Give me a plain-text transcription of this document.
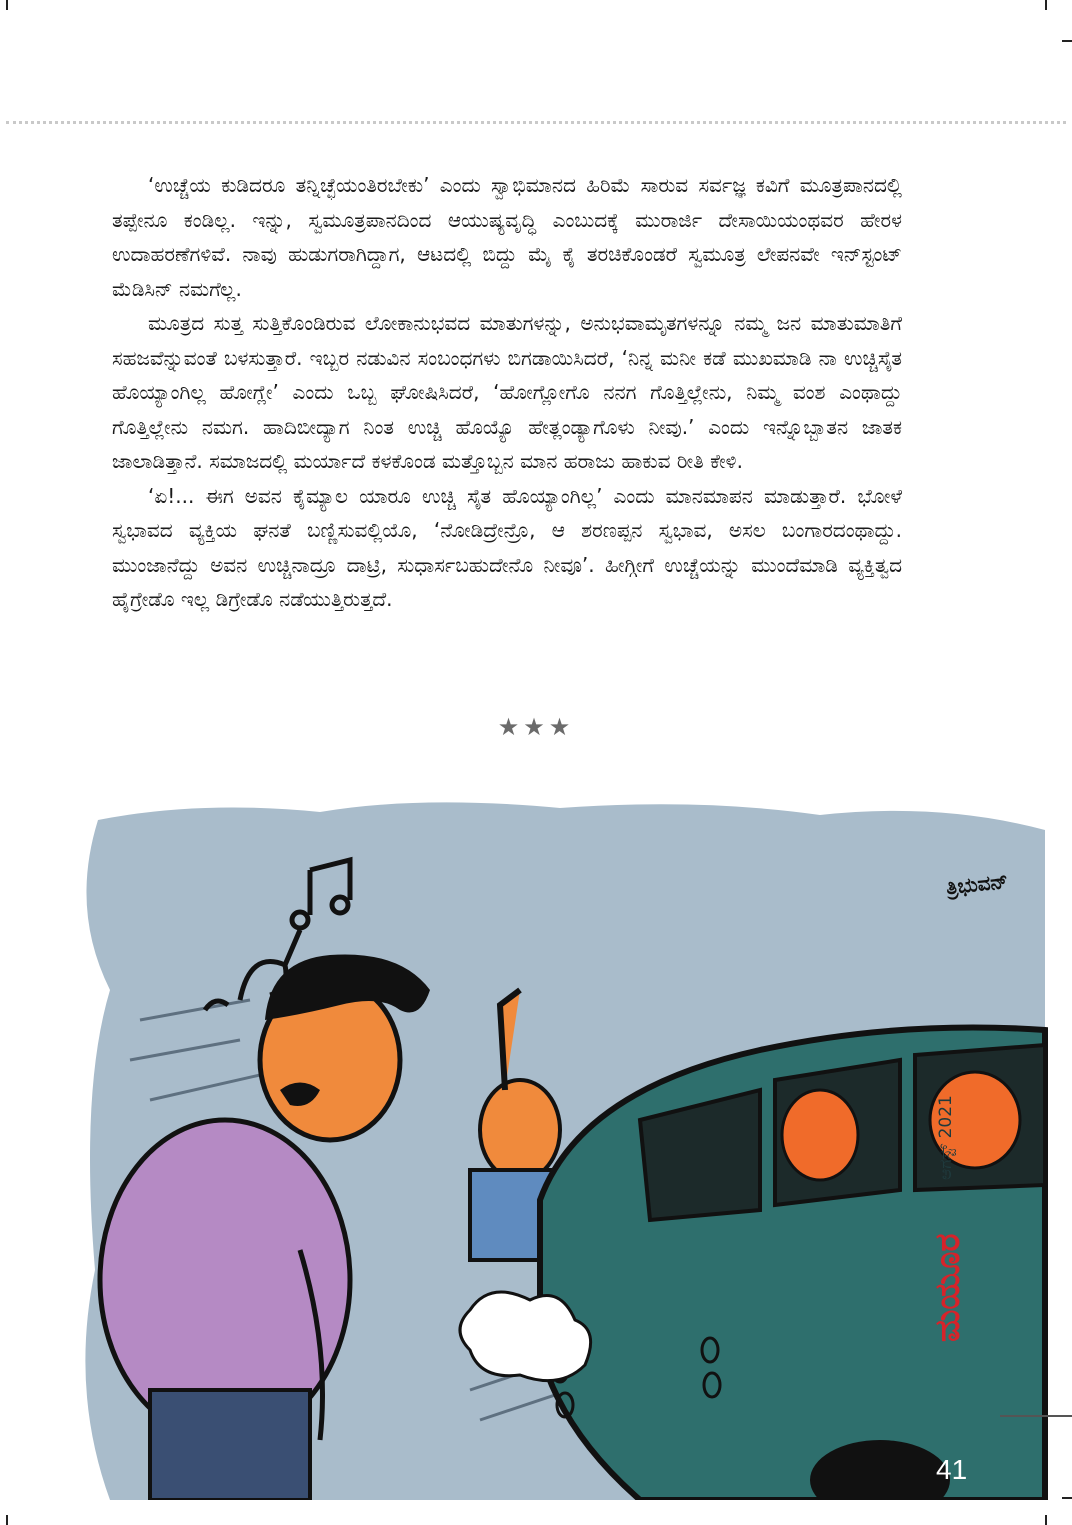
‘ಉಚ್ಚೆಯ ಕುಡಿದರೂ ತನ್ನಿಚ್ಛೆಯಂತಿರಬೇಕು’ ಎಂದು ಸ್ವಾಭಿಮಾನದ ಹಿರಿಮೆ ಸಾರುವ ಸರ್ವಜ್ಞ ಕವಿಗೆ ಮೂತ್ರಪಾನದಲ್ಲಿ ತಪ್ಪೇನೂ ಕಂಡಿಲ್ಲ. ಇನ್ನು, ಸ್ವಮೂತ್ರಪಾನದಿಂದ ಆಯುಷ್ಯವೃದ್ಧಿ ಎಂಬುದಕ್ಕೆ ಮುರಾರ್ಜಿ ದೇಸಾಯಿಯಂಥವರ ಹೇರಳ ಉದಾಹರಣೆಗಳಿವೆ. ನಾವು ಹುಡುಗರಾಗಿದ್ದಾಗ, ಆಟದಲ್ಲಿ ಬಿದ್ದು ಮೈ ಕೈ ತರಚಿಕೊಂಡರೆ ಸ್ವಮೂತ್ರ ಲೇಪನವೇ ಇನ್‌ಸ್ಟಂಟ್ ಮೆಡಿಸಿನ್ ನಮಗೆಲ್ಲ.

ಮೂತ್ರದ ಸುತ್ತ ಸುತ್ತಿಕೊಂಡಿರುವ ಲೋಕಾನುಭವದ ಮಾತುಗಳನ್ನು, ಅನುಭವಾಮೃತಗಳನ್ನೂ ನಮ್ಮ ಜನ ಮಾತುಮಾತಿಗೆ ಸಹಜವೆನ್ನುವಂತೆ ಬಳಸುತ್ತಾರೆ. ಇಬ್ಬರ ನಡುವಿನ ಸಂಬಂಧಗಳು ಬಿಗಡಾಯಿಸಿದರೆ, ‘ನಿನ್ನ ಮನೀ ಕಡೆ ಮುಖಮಾಡಿ ನಾ ಉಚ್ಚಿಸೈತ ಹೊಯ್ಯಾಂಗಿಲ್ಲ ಹೋಗ್ಲೇ’ ಎಂದು ಒಬ್ಬ ಘೋಷಿಸಿದರೆ, ‘ಹೋಗ್ಲೋಗೊ ನನಗ ಗೊತ್ತಿಲ್ಲೇನು, ನಿಮ್ಮ ವಂಶ ಎಂಥಾದ್ದು ಗೊತ್ತಿಲ್ಲೇನು ನಮಗ. ಹಾದಿಬೀದ್ಯಾಗ ನಿಂತ ಉಚ್ಚಿ ಹೊಯ್ಯೊ ಹೇತ್ಲಂಡ್ಯಾಗೊಳು ನೀವು.’ ಎಂದು ಇನ್ನೊಬ್ಬಾತನ ಜಾತಕ ಜಾಲಾಡಿತ್ತಾನೆ. ಸಮಾಜದಲ್ಲಿ ಮರ್ಯಾದೆ ಕಳಕೊಂಡ ಮತ್ತೊಬ್ಬನ ಮಾನ ಹರಾಜು ಹಾಕುವ ರೀತಿ ಕೇಳಿ.

‘ಏ!... ಈಗ ಅವನ ಕೈಮ್ಯಾಲ ಯಾರೂ ಉಚ್ಚಿ ಸೈತ ಹೊಯ್ಯಾಂಗಿಲ್ಲ’ ಎಂದು ಮಾನಮಾಪನ ಮಾಡುತ್ತಾರೆ. ಭೋಳೆ ಸ್ವಭಾವದ ವ್ಯಕ್ತಿಯ ಘನತೆ ಬಣ್ಣಿಸುವಲ್ಲಿಯೊ, ‘ನೋಡಿದ್ರೇನ್ರೊ, ಆ ಶರಣಪ್ಪನ ಸ್ವಭಾವ, ಅಸಲ ಬಂಗಾರದಂಥಾದ್ದು. ಮುಂಜಾನೆದ್ದು ಅವನ ಉಚ್ಚಿನಾದ್ರೂ ದಾಟ್ರಿ, ಸುಧಾರ್ಸಬಹುದೇನೊ ನೀವೂ’. ಹೀಗ್ಗೀಗೆ ಉಚ್ಚೆಯನ್ನು ಮುಂದೆಮಾಡಿ ವ್ಯಕ್ತಿತ್ವದ ಹೈಗ್ರೇಡೊ ಇಲ್ಲ ಡಿಗ್ರೇಡೊ ನಡೆಯುತ್ತಿರುತ್ತದೆ.

★★★
ತ್ರಿಭುವನ್
ಆಗಸ್ಟ್ 2021
ಮಯೂರ
41
